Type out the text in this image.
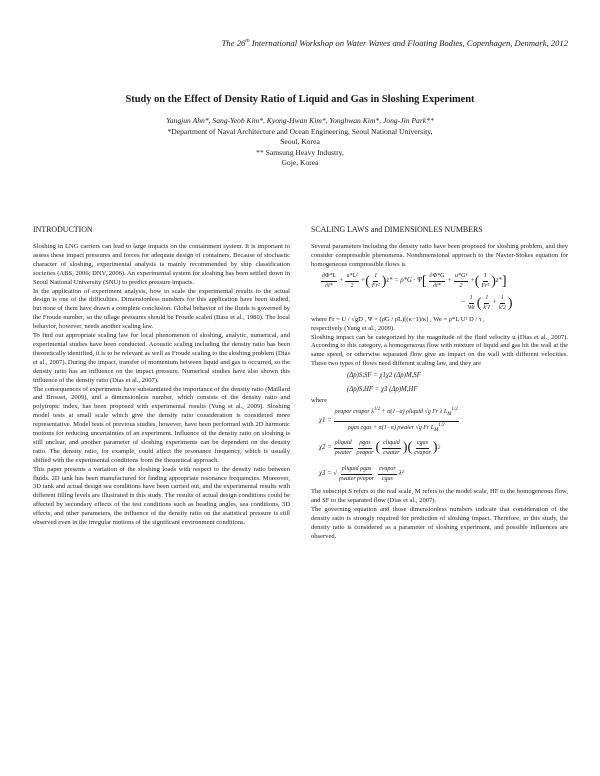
The 26th International Workshop on Water Waves and Floating Bodies, Copenhagen, Denmark, 2012
Study on the Effect of Density Ratio of Liquid and Gas in Sloshing Experiment
Yangjun Ahn*, Sang-Yeob Kim*, Kyong-Hwan Kim*, Yonghwan Kim*, Jong-Jin Park**
*Department of Naval Architecture and Ocean Engineering, Seoul National University,
Seoul, Korea
** Samsung Heavy Industry,
Goje, Korea
INTRODUCTION	SCALING LAWS and DIMENSIONLES NUMBERS

Sloshing in LNG carriers can lead to large impacts on the containment system. It is important to assess these impact pressures and forces for adequate design of containers. Because of stochastic character of sloshing, experimental analysis is mainly recommended by ship classification societies (ABS, 2006; DNV, 2006). An experimental system for sloshing has been settled down in Seoul National University (SNU) to predict pressure impacts.

In the application of experiment analysis, how to scale the experimental results to the actual design is one of the difficulties. Dimensionless numbers for this application have been studied, but none of them have drawn a complete conclusion. Global behavior of the fluids is governed by the Froude number, so the ullage pressures should be Froude scaled (Bass et al., 1980). The local behavior, however, needs another scaling law.

To find out appropriate scaling law for local phenomenon of sloshing, analytic, numerical, and experimental studies have been conducted. Acoustic scaling including the density ratio has been theoretically identified, it is to be relevant as well as Froude scaling to the sloshing problem (Dias et al., 2007). During the impact, transfer of momentum between liquid and gas is occurred, so the density ratio has an influence on the impact pressure. Numerical studies have also shown this influence of the density ratio (Dias et al., 2007).

The consequences of experiments have substantiated the importance of the density ratio (Maillard and Brosset, 2009), and a dimensionless number, which consists of the density ratio and polytropic index, has been proposed with experimental results (Yung et al., 2009). Sloshing model tests at small scale which give the density ratio consideration is considered more representative. Model tests of previous studies, however, have been performed with 2D harmonic motions for reducing uncertainties of an experiment. Influence of the density ratio on sloshing is still unclear, and another parameter of sloshing experiments can be dependent on the density ratio. The density ratio, for example, could affect the resonance frequency, which is usually shifted with the experimental conditions from the theoretical approach.

This paper presents a variation of the sloshing loads with respect to the density ratio between fluids. 2D tank has been manufactured for finding appropriate resonance frequencies. Moreover, 3D tank and actual design sea conditions have been carried out, and the experimental results with different filling levels are illustrated in this study. The results of actual design conditions could be affected by secondary effects of the test conditions such as heading angles, sea conditions, 3D effects, and other parameters, the influence of the density ratio on the statistical pressure is still observed even in the irregular motions of the significant environment conditions.

Several parameters including the density ratio have been proposed for sloshing problem, and they consider compressible phenomena. Nondimensional approach to the Navier-Stokes equation for homogeneous compressible flows is

$\frac{\partial\Phi*L}{\partial t*} + \frac{\text{u*L²}}{2}$ + ( $\frac{1}{\text{Fr²}}$ ) z* = ρ*G · Ψ [ $\frac{\partial\Phi*G}{\partial t*} + \frac{\text{u*G²}}{2}$ + ( $\frac{1}{\text{Fr²}}$ ) z* ]
− $\frac{1}{We}$ ( $\frac{1}{k'1} + \frac{1}{k'2}$ )

where Fr = U / √gD , Ψ = (ρ̄G / ρ̄L)[(κ−1)/κ] , We = ρ*L U² D / τ ,

respectively (Yung et al., 2009).

Sloshing impact can be categorized by the magnitude of the fluid velocity u (Dias et al., 2007). According to this category, a homogeneous flow with mixture of liquid and gas hit the wall at the same speed, or otherwise separated flow give an impact on the wall with different velocities. These two types of flows need different scaling law, and they are

(Δp)S,SF = χ1χ2 (Δp)M,SF
(Δp)S,HF = χ3 (Δp)M,HF

where

$\chi 1 = \frac{\rho vapor cvapor \lambda^{1/2} + \alpha(1-\alpha) \rho liquid √g Fr \lambda L_M^{1/2}}{\rho gas cgas + \alpha(1-\alpha) \rho water √g Fr L_M^{1/2}}$
$\chi 2 = \frac{\text{ρliquid}}{\text{ρwater}} \frac{\text{ρgas}}{\text{ρvapor}}$ ( $\frac{\text{cliquid}}{\text{cwater}}$ ) ( $\frac{\text{cgas}}{\text{cvapor}}$ ) 2
χ3 = √ $\frac{\text{ρliquid ρgas}}{\text{ρwater ρvapor}} \frac{\text{cvapor}}{\text{cgas}} \lambda^2$

The subscript S refers to the real scale, M refers to the model scale, HF to the homogeneous flow, and SF to the separated flow (Dias et al., 2007).

The governing equation and those dimensionless numbers indicate that consideration of the density ratio is strongly required for prediction of sloshing impact. Therefore, in this study, the density ratio is considered as a parameter of sloshing experiment, and possible influences are observed.
